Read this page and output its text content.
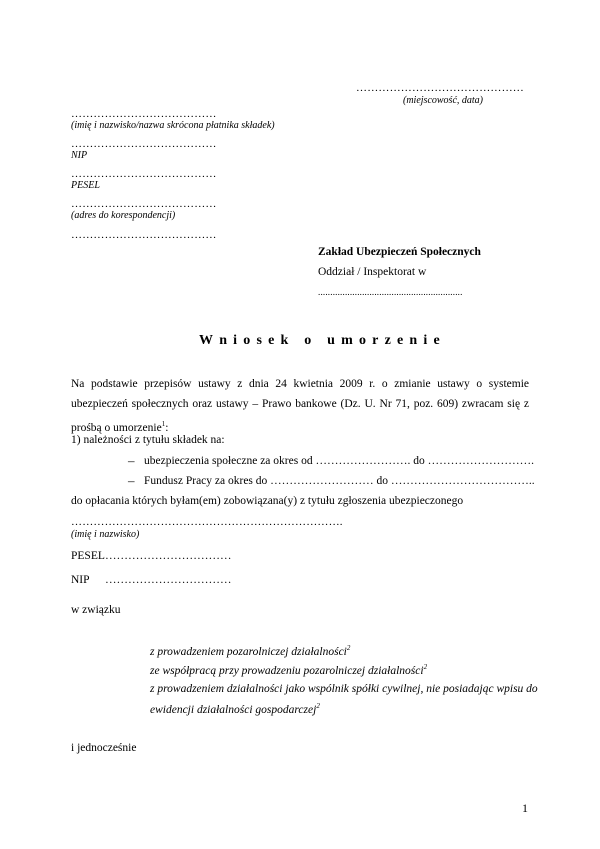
………………………………………
(miejscowość, data)
…………………………………
(imię i nazwisko/nazwa skrócona płatnika składek)
…………………………………
NIP
…………………………………
PESEL
…………………………………
(adres do korespondencji)
…………………………………
Zakład Ubezpieczeń Społecznych
Oddział / Inspektorat w
...........................................................
Wniosek o umorzenie
Na podstawie przepisów ustawy z dnia 24 kwietnia 2009 r. o zmianie ustawy o systemie ubezpieczeń społecznych oraz ustawy – Prawo bankowe (Dz. U. Nr 71, poz. 609) zwracam się z prośbą o umorzenie$^1$:
1) należności z tytułu składek na:
– ubezpieczenia społeczne za okres od ……………………. do ……………………….
– Fundusz Pracy za okres do ……………………… do ………………………………..
do opłacania których byłam(em) zobowiązana(y) z tytułu zgłoszenia ubezpieczonego
……………………………………………………………….
(imię i nazwisko)
PESEL ……………………………
NIP ……………………………
w związku
z prowadzeniem pozarolniczej działalności$^2$
ze współpracą przy prowadzeniu pozarolniczej działalności$^2$
z prowadzeniem działalności jako wspólnik spółki cywilnej, nie posiadając wpisu do
ewidencji działalności gospodarczej$^2$
i jednocześnie
1
